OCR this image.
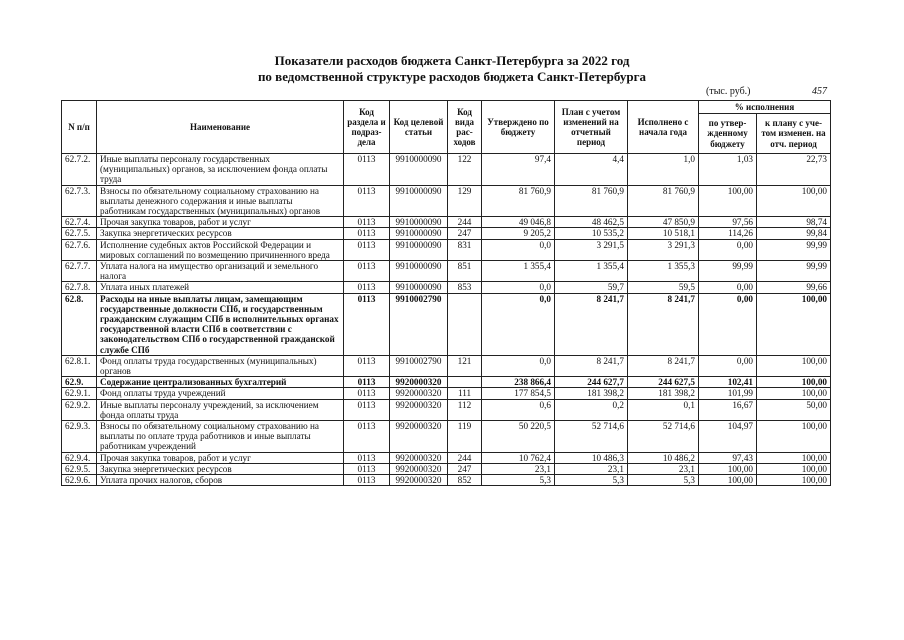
Показатели расходов бюджета Санкт-Петербурга за 2022 год
по ведомственной структуре расходов бюджета Санкт-Петербурга
(тыс. руб.)	457
N п/п	Наименование	Код раздела и подраз-дела	Код целевой статьи	Код вида рас-ходов	Утверждено по бюджету	План с учетом изменений на отчетный период	Исполнено с начала года	% исполнения	
								по утвер-жденному бюджету	к плану с уче-том изменен. на отч. период
62.7.2.	Иные выплаты персоналу государственных (муниципальных) органов, за исключением фонда оплаты труда	0113	9910000090	122	97,4	4,4	1,0	1,03	22,73
62.7.3.	Взносы по обязательному социальному страхованию на выплаты денежного содержания и иные выплаты работникам государственных (муниципальных) органов	0113	9910000090	129	81 760,9	81 760,9	81 760,9	100,00	100,00
62.7.4.	Прочая закупка товаров, работ и услуг	0113	9910000090	244	49 046,8	48 462,5	47 850,9	97,56	98,74
62.7.5.	Закупка энергетических ресурсов	0113	9910000090	247	9 205,2	10 535,2	10 518,1	114,26	99,84
62.7.6.	Исполнение судебных актов Российской Федерации и мировых соглашений по возмещению причиненного вреда	0113	9910000090	831	0,0	3 291,5	3 291,3	0,00	99,99
62.7.7.	Уплата налога на имущество организаций и земельного налога	0113	9910000090	851	1 355,4	1 355,4	1 355,3	99,99	99,99
62.7.8.	Уплата иных платежей	0113	9910000090	853	0,0	59,7	59,5	0,00	99,66
62.8.	Расходы на иные выплаты лицам, замещающим государственные должности СПб, и государственным гражданским служащим СПб в исполнительных органах государственной власти СПб в соответствии с законодательством СПб о государственной гражданской службе СПб	0113	9910002790		0,0	8 241,7	8 241,7	0,00	100,00
62.8.1.	Фонд оплаты труда государственных (муниципальных) органов	0113	9910002790	121	0,0	8 241,7	8 241,7	0,00	100,00
62.9.	Содержание централизованных бухгалтерий	0113	9920000320		238 866,4	244 627,7	244 627,5	102,41	100,00
62.9.1.	Фонд оплаты труда учреждений	0113	9920000320	111	177 854,5	181 398,2	181 398,2	101,99	100,00
62.9.2.	Иные выплаты персоналу учреждений, за исключением фонда оплаты труда	0113	9920000320	112	0,6	0,2	0,1	16,67	50,00
62.9.3.	Взносы по обязательному социальному страхованию на выплаты по оплате труда работников и иные выплаты работникам учреждений	0113	9920000320	119	50 220,5	52 714,6	52 714,6	104,97	100,00
62.9.4.	Прочая закупка товаров, работ и услуг	0113	9920000320	244	10 762,4	10 486,3	10 486,2	97,43	100,00
62.9.5.	Закупка энергетических ресурсов	0113	9920000320	247	23,1	23,1	23,1	100,00	100,00
62.9.6.	Уплата прочих налогов, сборов	0113	9920000320	852	5,3	5,3	5,3	100,00	100,00
